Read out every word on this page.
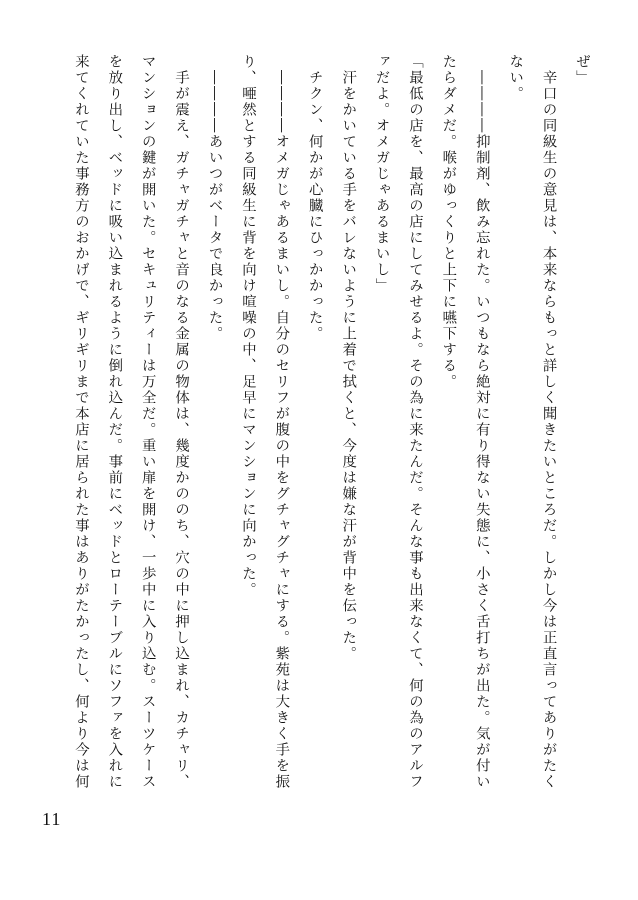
ぜ」
　辛口の同級生の意見は、本来ならもっと詳しく聞きたいところだ。しかし今は正直言ってありがたく
ない。
　――――抑制剤、飲み忘れた。いつもなら絶対に有り得ない失態に、小さく舌打ちが出た。気が付い
たらダメだ。喉がゆっくりと上下に嚥下する。
「最低の店を、最高の店にしてみせるよ。その為に来たんだ。そんな事も出来なくて、何の為のアルフ
ァだよ。オメガじゃあるまいし」
　汗をかいている手をバレないように上着で拭くと、今度は嫌な汗が背中を伝った。
　チクン、何かが心臓にひっかかった。
　――――オメガじゃあるまいし。自分のセリフが腹の中をグチャグチャにする。紫苑は大きく手を振
り、唖然とする同級生に背を向け喧噪の中、足早にマンションに向かった。
　――――あいつがベータで良かった。
　手が震え、ガチャガチャと音のなる金属の物体は、幾度かののち、穴の中に押し込まれ、カチャリ、
マンションの鍵が開いた。セキュリティーは万全だ。重い扉を開け、一歩中に入り込む。スーツケース
を放り出し、ベッドに吸い込まれるように倒れ込んだ。事前にベッドとローテーブルにソファを入れに
来てくれていた事務方のおかげで、ギリギリまで本店に居られた事はありがたかったし、何より今は何
11
